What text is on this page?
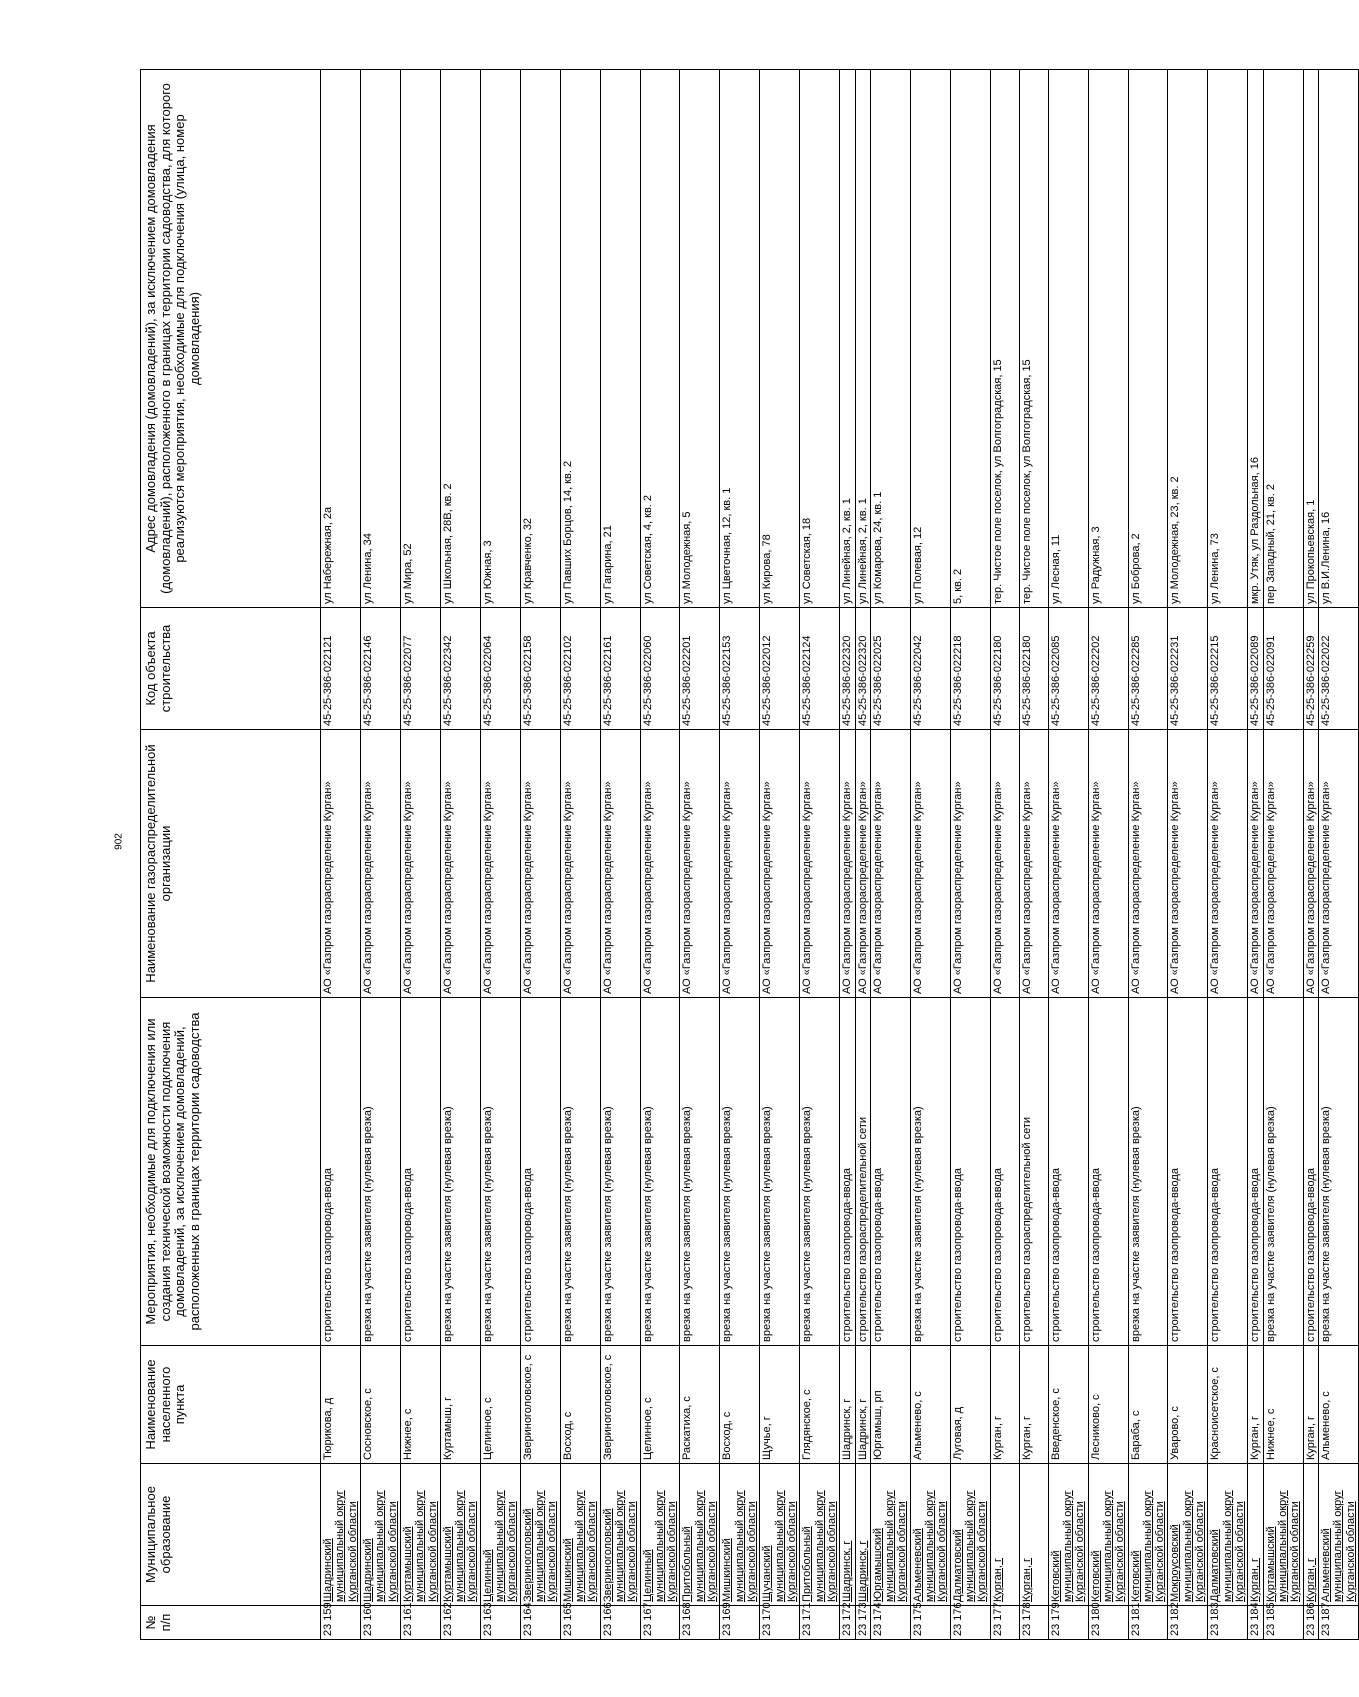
902
№ п/п	Муниципальное образование	Наименование населенного пункта	Мероприятия, необходимые для подключения или создания технической возможности подключения домовладений, за исключением домовладений, расположенных в границах территории садоводства	Наименование газораспределительной организации	Код объекта строительства	Адрес домовладения (домовладений), за исключением домовладения (домовладений), расположенного в границах территории садоводства, для которого реализуются мероприятия, необходимые для подключения (улица, номер домовладения)
23 159	Шадринский муниципальный округ Курганской области	Тюрикова, д	строительство газопровода-ввода	АО «Газпром газораспределение Курган»	45-25-386-022121	ул Набережная, 2а
23 160	Шадринский муниципальный округ Курганской области	Сосновское, с	врезка на участке заявителя (нулевая врезка)	АО «Газпром газораспределение Курган»	45-25-386-022146	ул Ленина, 34
23 161	Куртамышский муниципальный округ Курганской области	Нижнее, с	строительство газопровода-ввода	АО «Газпром газораспределение Курган»	45-25-386-022077	ул Мира, 52
23 162	Куртамышский муниципальный округ Курганской области	Куртамыш, г	врезка на участке заявителя (нулевая врезка)	АО «Газпром газораспределение Курган»	45-25-386-022342	ул Школьная, 28В, кв. 2
23 163	Целинный муниципальный округ Курганской области	Целинное, с	врезка на участке заявителя (нулевая врезка)	АО «Газпром газораспределение Курган»	45-25-386-022064	ул Южная, 3
23 164	Звериноголовский муниципальный округ Курганской области	Звериноголовское, с	строительство газопровода-ввода	АО «Газпром газораспределение Курган»	45-25-386-022158	ул Кравченко, 32
23 165	Мишкинский муниципальный округ Курганской области	Восход, с	врезка на участке заявителя (нулевая врезка)	АО «Газпром газораспределение Курган»	45-25-386-022102	ул Павших Борцов, 14, кв. 2
23 166	Звериноголовский муниципальный округ Курганской области	Звериноголовское, с	врезка на участке заявителя (нулевая врезка)	АО «Газпром газораспределение Курган»	45-25-386-022161	ул Гагарина, 21
23 167	Целинный муниципальный округ Курганской области	Целинное, с	врезка на участке заявителя (нулевая врезка)	АО «Газпром газораспределение Курган»	45-25-386-022060	ул Советская, 4, кв. 2
23 168	Притобольный муниципальный округ Курганской области	Раскатиха, с	врезка на участке заявителя (нулевая врезка)	АО «Газпром газораспределение Курган»	45-25-386-022201	ул Молодежная, 5
23 169	Мишкинский муниципальный округ Курганской области	Восход, с	врезка на участке заявителя (нулевая врезка)	АО «Газпром газораспределение Курган»	45-25-386-022153	ул Цветочная, 12, кв. 1
23 170	Щучанский муниципальный округ Курганской области	Щучье, г	врезка на участке заявителя (нулевая врезка)	АО «Газпром газораспределение Курган»	45-25-386-022012	ул Кирова, 78
23 171	Притобольный муниципальный округ Курганской области	Глядянское, с	врезка на участке заявителя (нулевая врезка)	АО «Газпром газораспределение Курган»	45-25-386-022124	ул Советская, 18
23 172	Шадринск, г	Шадринск, г	строительство газопровода-ввода	АО «Газпром газораспределение Курган»	45-25-386-022320	ул Линейная, 2, кв. 1
23 173	Шадринск, г	Шадринск, г	строительство газораспределительной сети	АО «Газпром газораспределение Курган»	45-25-386-022320	ул Линейная, 2, кв. 1
23 174	Юргамышский муниципальный округ Курганской области	Юргамыш, рп	строительство газопровода-ввода	АО «Газпром газораспределение Курган»	45-25-386-022025	ул Комарова, 24, кв. 1
23 175	Альменевский муниципальный округ Курганской области	Альменево, с	врезка на участке заявителя (нулевая врезка)	АО «Газпром газораспределение Курган»	45-25-386-022042	ул Полевая, 12
23 176	Далматовский муниципальный округ Курганской области	Луговая, д	строительство газопровода-ввода	АО «Газпром газораспределение Курган»	45-25-386-022218	5, кв. 2
23 177	Курган, г	Курган, г	строительство газопровода-ввода	АО «Газпром газораспределение Курган»	45-25-386-022180	тер. Чистое поле поселок, ул Волгоградская, 15
23 178	Курган, г	Курган, г	строительство газораспределительной сети	АО «Газпром газораспределение Курган»	45-25-386-022180	тер. Чистое поле поселок, ул Волгоградская, 15
23 179	Кетовский муниципальный округ Курганской области	Введенское, с	строительство газопровода-ввода	АО «Газпром газораспределение Курган»	45-25-386-022085	ул Лесная, 11
23 180	Кетовский муниципальный округ Курганской области	Лесниково, с	строительство газопровода-ввода	АО «Газпром газораспределение Курган»	45-25-386-022202	ул Радужная, 3
23 181	Кетовский муниципальный округ Курганской области	Бараба, с	врезка на участке заявителя (нулевая врезка)	АО «Газпром газораспределение Курган»	45-25-386-022285	ул Боброва, 2
23 182	Мокроусовский муниципальный округ Курганской области	Уварово, с	строительство газопровода-ввода	АО «Газпром газораспределение Курган»	45-25-386-022231	ул Молодежная, 23, кв. 2
23 183	Далматовский муниципальный округ Курганской области	Красноисетское, с	строительство газопровода-ввода	АО «Газпром газораспределение Курган»	45-25-386-022215	ул Ленина, 73
23 184	Курган, г	Курган, г	строительство газопровода-ввода	АО «Газпром газораспределение Курган»	45-25-386-022089	мкр. Утяк, ул Раздольная, 16
23 185	Куртамышский муниципальный округ Курганской области	Нижнее, с	врезка на участке заявителя (нулевая врезка)	АО «Газпром газораспределение Курган»	45-25-386-022091	пер Западный, 21, кв. 2
23 186	Курган, г	Курган, г	строительство газопровода-ввода	АО «Газпром газораспределение Курган»	45-25-386-022259	ул Прокопьевская, 1
23 187	Альменевский муниципальный округ Курганской области	Альменево, с	врезка на участке заявителя (нулевая врезка)	АО «Газпром газораспределение Курган»	45-25-386-022022	ул В.И.Ленина, 16
